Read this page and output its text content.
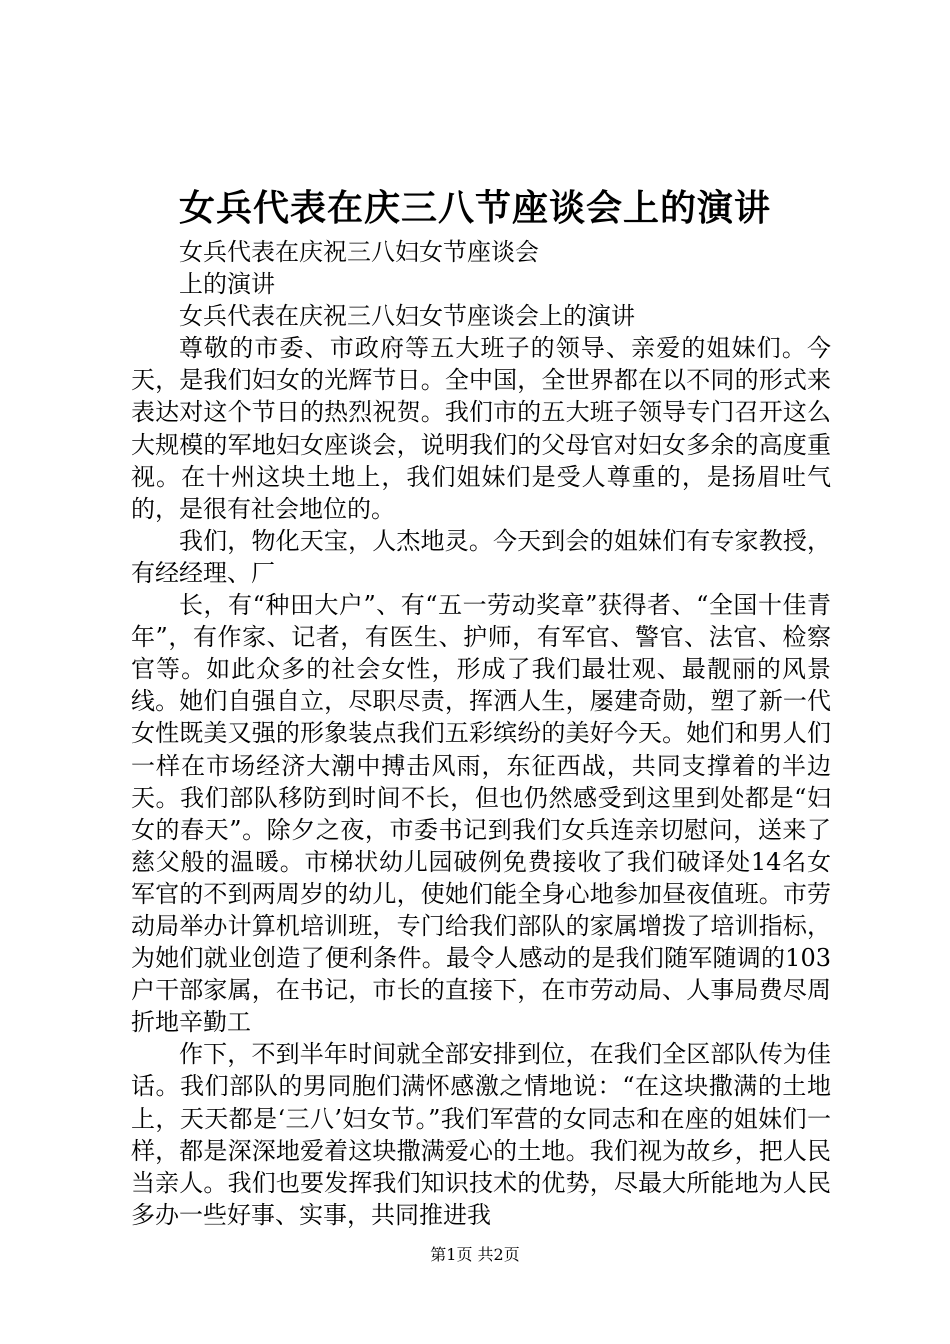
女兵代表在庆三八节座谈会上的演讲

女兵代表在庆祝三八妇女节座谈会

上的演讲

女兵代表在庆祝三八妇女节座谈会上的演讲

尊敬的市委、市政府等五大班子的领导、亲爱的姐妹们。今天，是我们妇女的光辉节日。全中国，全世界都在以不同的形式来表达对这个节日的热烈祝贺。我们市的五大班子领导专门召开这么大规模的军地妇女座谈会，说明我们的父母官对妇女多余的高度重视。在十州这块土地上，我们姐妹们是受人尊重的，是扬眉吐气的，是很有社会地位的。

我们，物化天宝，人杰地灵。今天到会的姐妹们有专家教授，有经经理、厂

长，有“种田大户”、有“五一劳动奖章”获得者、“全国十佳青年”，有作家、记者，有医生、护师，有军官、警官、法官、检察官等。如此众多的社会女性，形成了我们最壮观、最靓丽的风景线。她们自强自立，尽职尽责，挥洒人生，屡建奇勋，塑了新一代女性既美又强的形象装点我们五彩缤纷的美好今天。她们和男人们一样在市场经济大潮中搏击风雨，东征西战，共同支撑着的半边天。我们部队移防到时间不长，但也仍然感受到这里到处都是“妇女的春天”。除夕之夜，市委书记到我们女兵连亲切慰问，送来了慈父般的温暖。市梯状幼儿园破例免费接收了我们破译处14名女军官的不到两周岁的幼儿，使她们能全身心地参加昼夜值班。市劳动局举办计算机培训班，专门给我们部队的家属增拨了培训指标，为她们就业创造了便利条件。最令人感动的是我们随军随调的103户干部家属，在书记，市长的直接下，在市劳动局、人事局费尽周折地辛勤工

作下，不到半年时间就全部安排到位，在我们全区部队传为佳话。我们部队的男同胞们满怀感激之情地说：“在这块撒满的土地上，天天都是‘三八’妇女节。”我们军营的女同志和在座的姐妹们一样，都是深深地爱着这块撒满爱心的土地。我们视为故乡，把人民当亲人。我们也要发挥我们知识技术的优势，尽最大所能地为人民多办一些好事、实事，共同推进我

第1页 共2页
